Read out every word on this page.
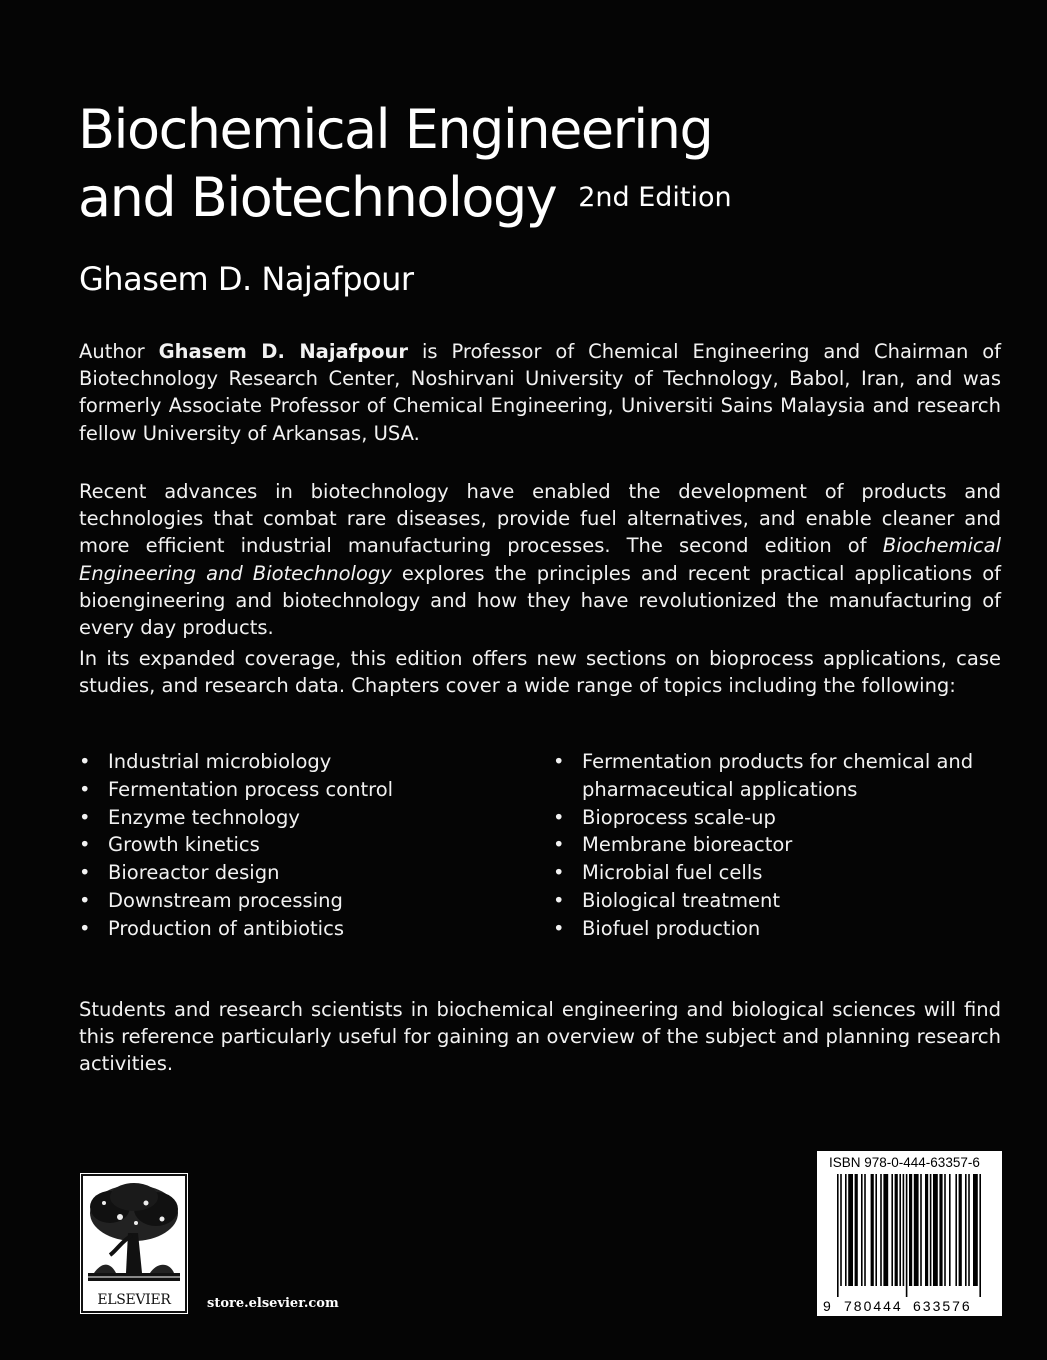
Biochemical Engineering
and Biotechnology 2nd Edition
Ghasem D. Najafpour

Author Ghasem D. Najafpour is Professor of Chemical Engineering and Chairman of Biotechnology Research Center, Noshirvani University of Technology, Babol, Iran, and was formerly Associate Professor of Chemical Engineering, Universiti Sains Malaysia and research fellow University of Arkansas, USA.

Recent advances in biotechnology have enabled the development of products and technologies that combat rare diseases, provide fuel alternatives, and enable cleaner and more efficient industrial manufacturing processes. The second edition of Biochemical Engineering and Biotechnology explores the principles and recent practical applications of bioengineering and biotechnology and how they have revolutionized the manufacturing of every day products.

In its expanded coverage, this edition offers new sections on bioprocess applications, case studies, and research data. Chapters cover a wide range of topics including the following:

• Industrial microbiology
• Fermentation process control
• Enzyme technology
• Growth kinetics
• Bioreactor design
• Downstream processing
• Production of antibiotics
• Fermentation products for chemical and pharmaceutical applications
• Bioprocess scale-up
• Membrane bioreactor
• Microbial fuel cells
• Biological treatment
• Biofuel production

Students and research scientists in biochemical engineering and biological sciences will find this reference particularly useful for gaining an overview of the subject and planning research activities.

ELSEVIER	store.elsevier.com
ISBN 978-0-444-63357-6
9 780444 633576
